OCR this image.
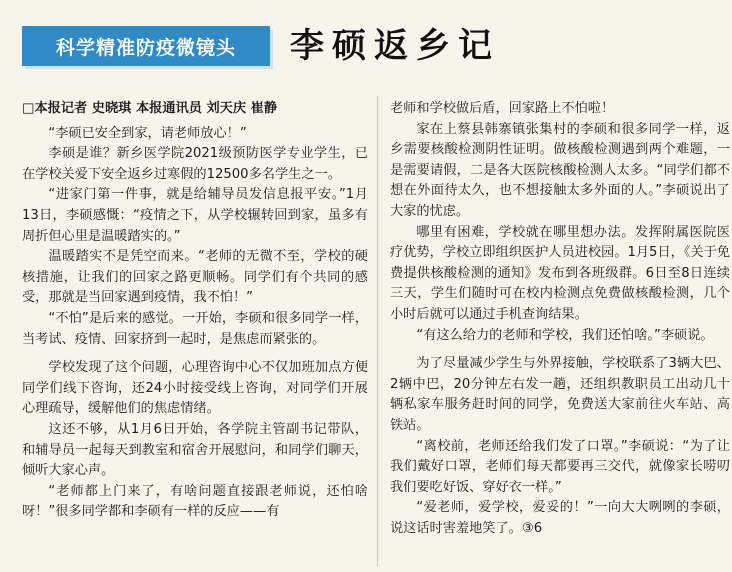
科学精准防疫微镜头	李硕返乡记
□本报记者 史晓琪 本报通讯员 刘天庆 崔静

“李硕已安全到家，请老师放心！”

李硕是谁？新乡医学院2021级预防医学专业学生，已在学校关爱下安全返乡过寒假的12500多名学生之一。

“进家门第一件事，就是给辅导员发信息报平安。”1月13日，李硕感慨：“疫情之下，从学校辗转回到家，虽多有周折但心里是温暖踏实的。”

温暖踏实不是凭空而来。“老师的无微不至，学校的硬核措施，让我们的回家之路更顺畅。同学们有个共同的感受，那就是当回家遇到疫情，我不怕！”

“不怕”是后来的感觉。一开始，李硕和很多同学一样，当考试、疫情、回家挤到一起时，是焦虑而紧张的。

学校发现了这个问题，心理咨询中心不仅加班加点方便同学们线下咨询，还24小时接受线上咨询，对同学们开展心理疏导，缓解他们的焦虑情绪。

这还不够，从1月6日开始，各学院主管副书记带队，和辅导员一起每天到教室和宿舍开展慰问，和同学们聊天，倾听大家心声。

“老师都上门来了，有啥问题直接跟老师说，还怕啥呀！”很多同学都和李硕有一样的反应——有

老师和学校做后盾，回家路上不怕啦！

家在上蔡县韩寨镇张集村的李硕和很多同学一样，返乡需要核酸检测阴性证明。做核酸检测遇到两个难题，一是需要请假，二是各大医院核酸检测人太多。“同学们都不想在外面待太久，也不想接触太多外面的人。”李硕说出了大家的忧虑。

哪里有困难，学校就在哪里想办法。发挥附属医院医疗优势，学校立即组织医护人员进校园。1月5日，《关于免费提供核酸检测的通知》发布到各班级群。6日至8日连续三天，学生们随时可在校内检测点免费做核酸检测，几个小时后就可以通过手机查询结果。

“有这么给力的老师和学校，我们还怕啥。”李硕说。

为了尽量减少学生与外界接触，学校联系了3辆大巴、2辆中巴，20分钟左右发一趟，还组织教职员工出动几十辆私家车服务赶时间的同学，免费送大家前往火车站、高铁站。

“离校前，老师还给我们发了口罩。”李硕说：“为了让我们戴好口罩，老师们每天都要再三交代，就像家长唠叨我们要吃好饭、穿好衣一样。”

“爱老师，爱学校，爱妥的！”一向大大咧咧的李硕，说这话时害羞地笑了。③6
